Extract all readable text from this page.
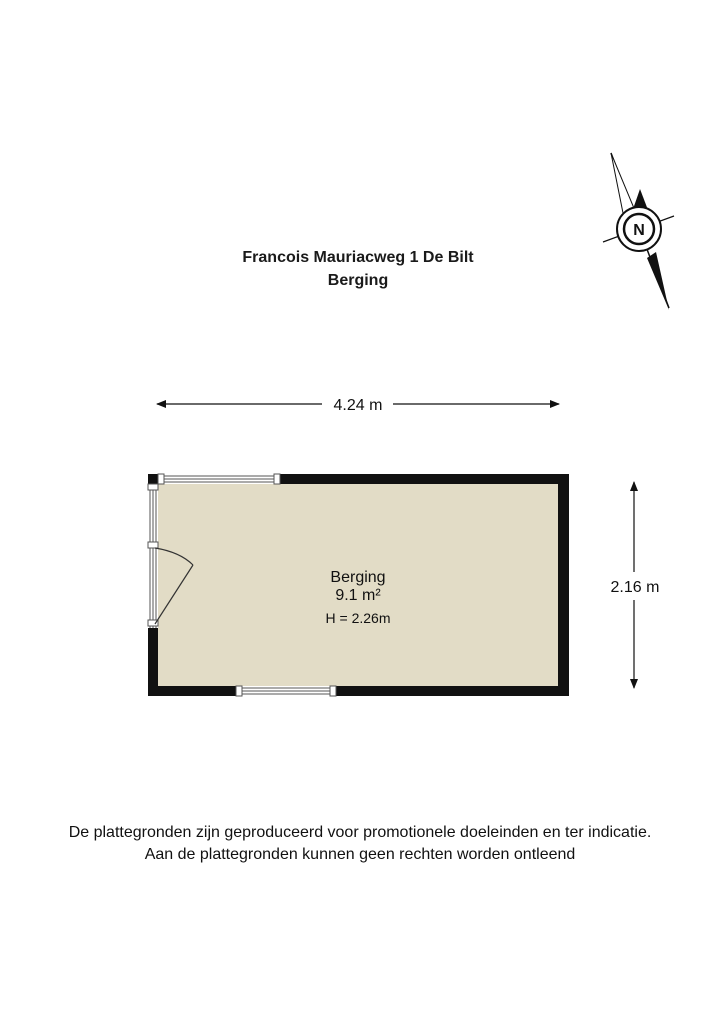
Francois Mauriacweg 1 De Bilt
Berging
N
4.24 m
2.16 m
Berging
9.1 m²
H = 2.26m
De plattegronden zijn geproduceerd voor promotionele doeleinden en ter indicatie.
Aan de plattegronden kunnen geen rechten worden ontleend
